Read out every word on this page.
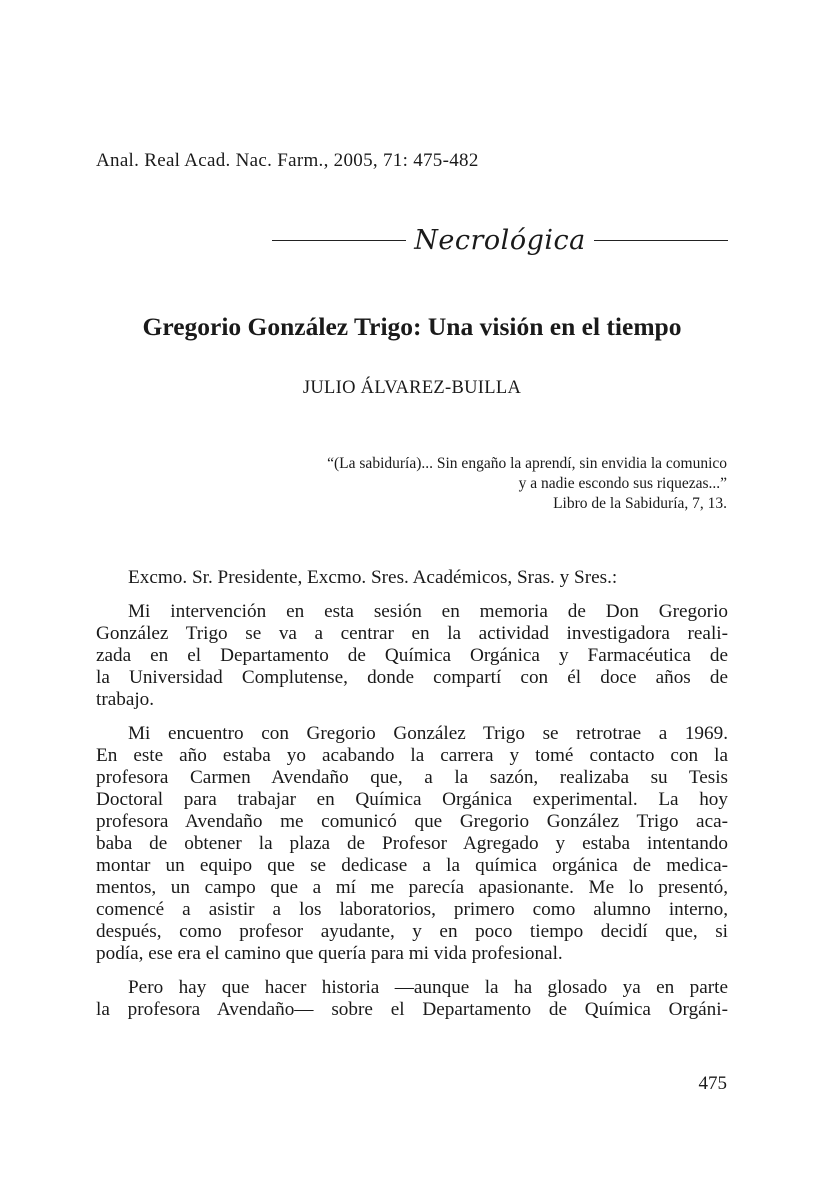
Anal. Real Acad. Nac. Farm., 2005, 71: 475-482
Necrológica
Gregorio González Trigo: Una visión en el tiempo
JULIO ÁLVAREZ-BUILLA
“(La sabiduría)... Sin engaño la aprendí, sin envidia la comunico
y a nadie escondo sus riquezas...”
Libro de la Sabiduría, 7, 13.

Excmo. Sr. Presidente, Excmo. Sres. Académicos, Sras. y Sres.:

Mi intervención en esta sesión en memoria de Don Gregorio
González Trigo se va a centrar en la actividad investigadora reali-
zada en el Departamento de Química Orgánica y Farmacéutica de
la Universidad Complutense, donde compartí con él doce años de
trabajo.

Mi encuentro con Gregorio González Trigo se retrotrae a 1969.
En este año estaba yo acabando la carrera y tomé contacto con la
profesora Carmen Avendaño que, a la sazón, realizaba su Tesis
Doctoral para trabajar en Química Orgánica experimental. La hoy
profesora Avendaño me comunicó que Gregorio González Trigo aca-
baba de obtener la plaza de Profesor Agregado y estaba intentando
montar un equipo que se dedicase a la química orgánica de medica-
mentos, un campo que a mí me parecía apasionante. Me lo presentó,
comencé a asistir a los laboratorios, primero como alumno interno,
después, como profesor ayudante, y en poco tiempo decidí que, si
podía, ese era el camino que quería para mi vida profesional.

Pero hay que hacer historia —aunque la ha glosado ya en parte
la profesora Avendaño— sobre el Departamento de Química Orgáni-

475
